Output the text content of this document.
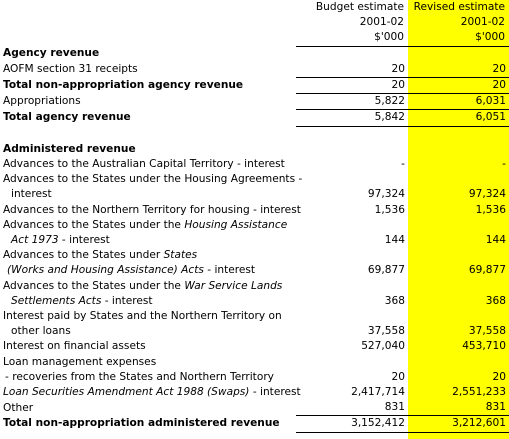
	Budget estimate	Revised estimate
	2001-02	2001-02
	$'000	$'000
Agency revenue		
AOFM section 31 receipts	20	20
Total non-appropriation agency revenue	20	20
Appropriations	5,822	6,031
Total agency revenue	5,842	6,051

Administered revenue		
Advances to the Australian Capital Territory - interest	-	-
Advances to the States under the Housing Agreements -		
interest	97,324	97,324
Advances to the Northern Territory for housing - interest	1,536	1,536
Advances to the States under the Housing Assistance		
Act 1973 - interest	144	144
Advances to the States under States		
(Works and Housing Assistance) Acts - interest	69,877	69,877
Advances to the States under the War Service Lands		
Settlements Acts - interest	368	368
Interest paid by States and the Northern Territory on		
other loans	37,558	37,558
Interest on financial assets	527,040	453,710
Loan management expenses		
- recoveries from the States and Northern Territory	20	20
Loan Securities Amendment Act 1988 (Swaps) - interest	2,417,714	2,551,233
Other	831	831
Total non-appropriation administered revenue	3,152,412	3,212,601
